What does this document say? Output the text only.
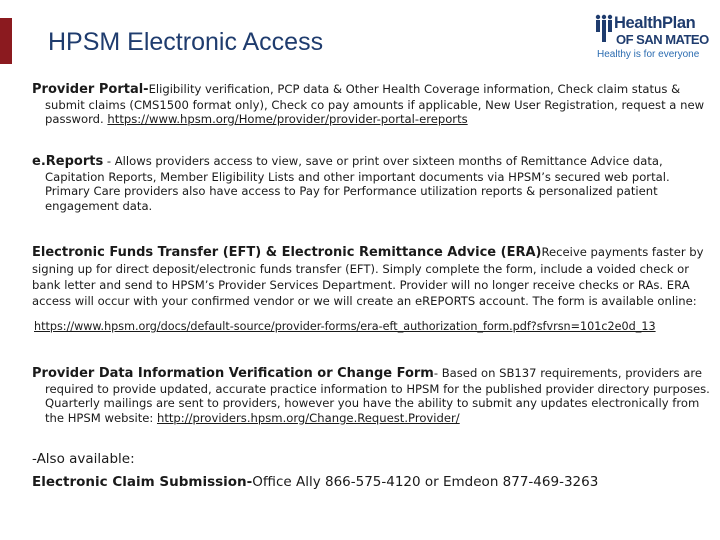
HPSM Electronic Access
HealthPlan
OF SAN MATEO
Healthy is for everyone
Provider Portal-Eligibility verification, PCP data & Other Health Coverage information, Check claim status & submit claims (CMS1500 format only), Check co pay amounts if applicable, New User Registration, request a new password. https://www.hpsm.org/Home/provider/provider-portal-ereports
e.Reports - Allows providers access to view, save or print over sixteen months of Remittance Advice data, Capitation Reports, Member Eligibility Lists and other important documents via HPSM’s secured web portal. Primary Care providers also have access to Pay for Performance utilization reports & personalized patient engagement data.
Electronic Funds Transfer (EFT) & Electronic Remittance Advice (ERA)Receive payments faster by signing up for direct deposit/electronic funds transfer (EFT). Simply complete the form, include a voided check or bank letter and send to HPSM’s Provider Services Department. Provider will no longer receive checks or RAs. ERA access will occur with your confirmed vendor or we will create an eREPORTS account. The form is available online:
https://www.hpsm.org/docs/default-source/provider-forms/era-eft_authorization_form.pdf?sfvrsn=101c2e0d_13
Provider Data Information Verification or Change Form- Based on SB137 requirements, providers are required to provide updated, accurate practice information to HPSM for the published provider directory purposes. Quarterly mailings are sent to providers, however you have the ability to submit any updates electronically from the HPSM website: http://providers.hpsm.org/Change.Request.Provider/
-Also available:
Electronic Claim Submission-Office Ally 866-575-4120 or Emdeon 877-469-3263
